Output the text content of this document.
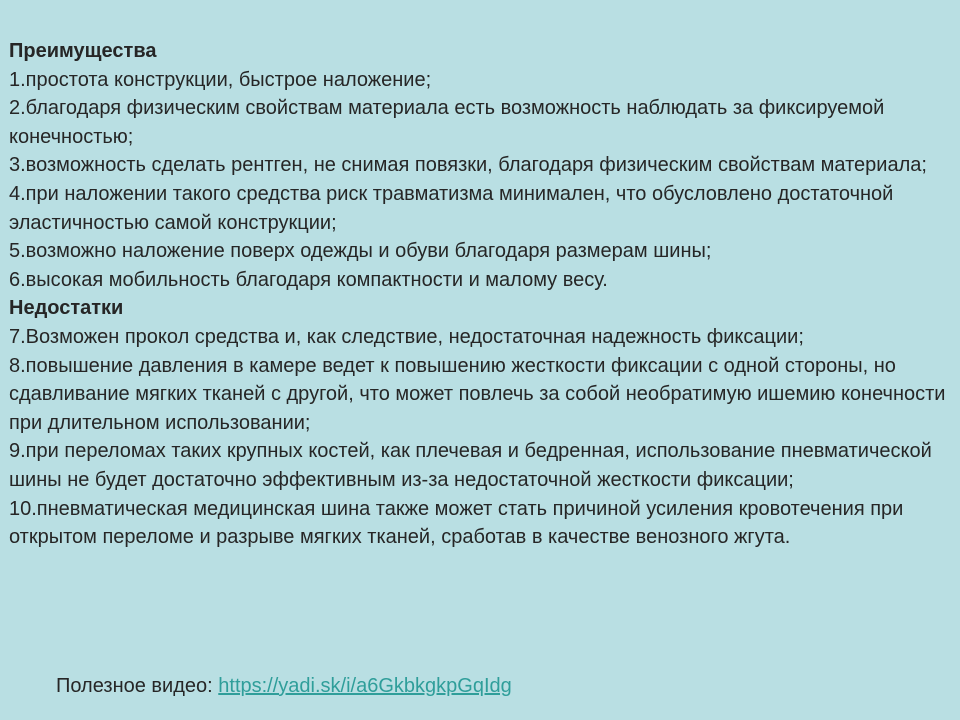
Преимущества

1.простота конструкции, быстрое наложение;

2.благодаря физическим свойствам материала есть возможность наблюдать за фиксируемой конечностью;

3.возможность сделать рентген, не снимая повязки, благодаря физическим свойствам материала;

4.при наложении такого средства риск травматизма минимален, что обусловлено достаточной эластичностью самой конструкции;

5.возможно наложение поверх одежды и обуви благодаря размерам шины;

6.высокая мобильность благодаря компактности и малому весу.

Недостатки

7.Возможен прокол средства и, как следствие, недостаточная надежность фиксации;

8.повышение давления в камере ведет к повышению жесткости фиксации с одной стороны, но сдавливание мягких тканей с другой, что может повлечь за собой необратимую ишемию конечности при длительном использовании;

9.при переломах таких крупных костей, как плечевая и бедренная, использование пневматической шины не будет достаточно эффективным из-за недостаточной жесткости фиксации;

10.пневматическая медицинская шина также может стать причиной усиления кровотечения при открытом переломе и разрыве мягких тканей, сработав в качестве венозного жгута.

Полезное видео: https://yadi.sk/i/a6GkbkgkpGqIdg
